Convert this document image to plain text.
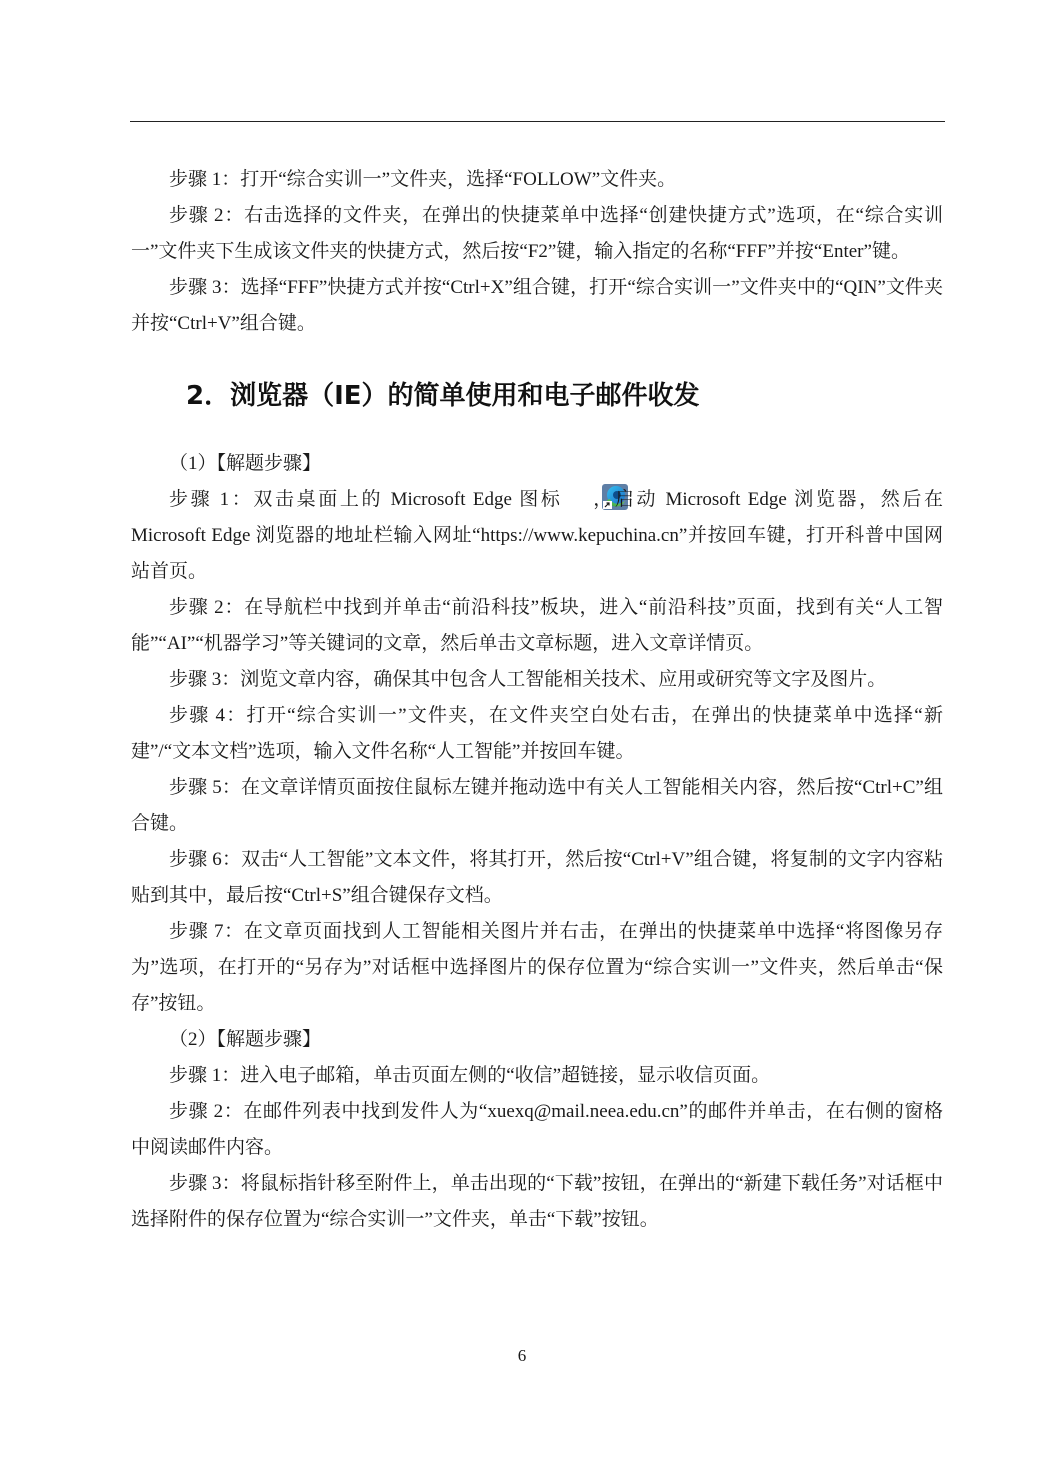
步骤 1：打开“综合实训一”文件夹，选择“FOLLOW”文件夹。

步骤 2：右击选择的文件夹，在弹出的快捷菜单中选择“创建快捷方式”选项，在“综合实训一”文件夹下生成该文件夹的快捷方式，然后按“F2”键，输入指定的名称“FFF”并按“Enter”键。

步骤 3：选择“FFF”快捷方式并按“Ctrl+X”组合键，打开“综合实训一”文件夹中的“QIN”文件夹并按“Ctrl+V”组合键。

2．浏览器（IE）的简单使用和电子邮件收发

（1）【解题步骤】

步骤 1：双击桌面上的 Microsoft Edge 图标 ，启动 Microsoft Edge 浏览器，然后在 Microsoft Edge 浏览器的地址栏输入网址“https://www.kepuchina.cn”并按回车键，打开科普中国网站首页。

步骤 2：在导航栏中找到并单击“前沿科技”板块，进入“前沿科技”页面，找到有关“人工智能”“AI”“机器学习”等关键词的文章，然后单击文章标题，进入文章详情页。

步骤 3：浏览文章内容，确保其中包含人工智能相关技术、应用或研究等文字及图片。

步骤 4：打开“综合实训一”文件夹，在文件夹空白处右击，在弹出的快捷菜单中选择“新建”/“文本文档”选项，输入文件名称“人工智能”并按回车键。

步骤 5：在文章详情页面按住鼠标左键并拖动选中有关人工智能相关内容，然后按“Ctrl+C”组合键。

步骤 6：双击“人工智能”文本文件，将其打开，然后按“Ctrl+V”组合键，将复制的文字内容粘贴到其中，最后按“Ctrl+S”组合键保存文档。

步骤 7：在文章页面找到人工智能相关图片并右击，在弹出的快捷菜单中选择“将图像另存为”选项，在打开的“另存为”对话框中选择图片的保存位置为“综合实训一”文件夹，然后单击“保存”按钮。

（2）【解题步骤】

步骤 1：进入电子邮箱，单击页面左侧的“收信”超链接，显示收信页面。

步骤 2：在邮件列表中找到发件人为“xuexq@mail.neea.edu.cn”的邮件并单击，在右侧的窗格中阅读邮件内容。

步骤 3：将鼠标指针移至附件上，单击出现的“下载”按钮，在弹出的“新建下载任务”对话框中选择附件的保存位置为“综合实训一”文件夹，单击“下载”按钮。

6
